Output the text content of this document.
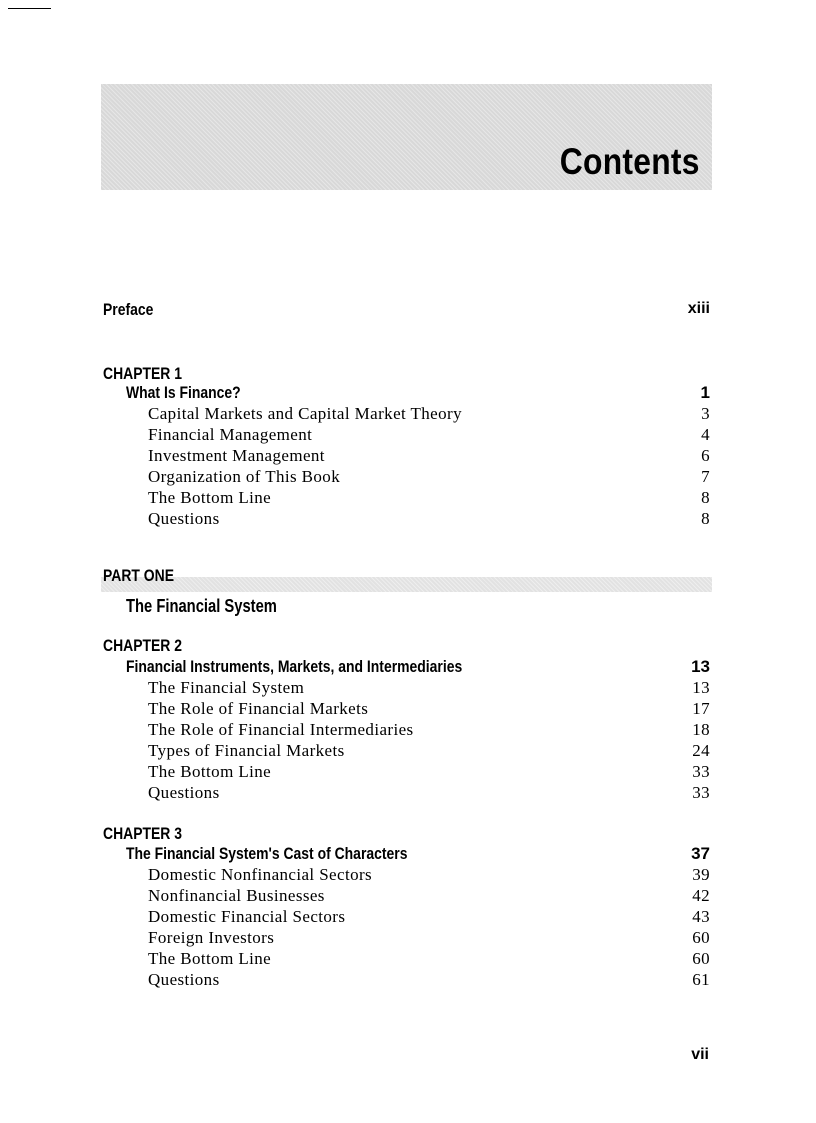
Contents
Preface	xiii
CHAPTER 1
What Is Finance?	1
Capital Markets and Capital Market Theory	3
Financial Management	4
Investment Management	6
Organization of This Book	7
The Bottom Line	8
Questions	8
PART ONE
The Financial System
CHAPTER 2
Financial Instruments, Markets, and Intermediaries	13
The Financial System	13
The Role of Financial Markets	17
The Role of Financial Intermediaries	18
Types of Financial Markets	24
The Bottom Line	33
Questions	33
CHAPTER 3
The Financial System's Cast of Characters	37
Domestic Nonfinancial Sectors	39
Nonfinancial Businesses	42
Domestic Financial Sectors	43
Foreign Investors	60
The Bottom Line	60
Questions	61
vii
